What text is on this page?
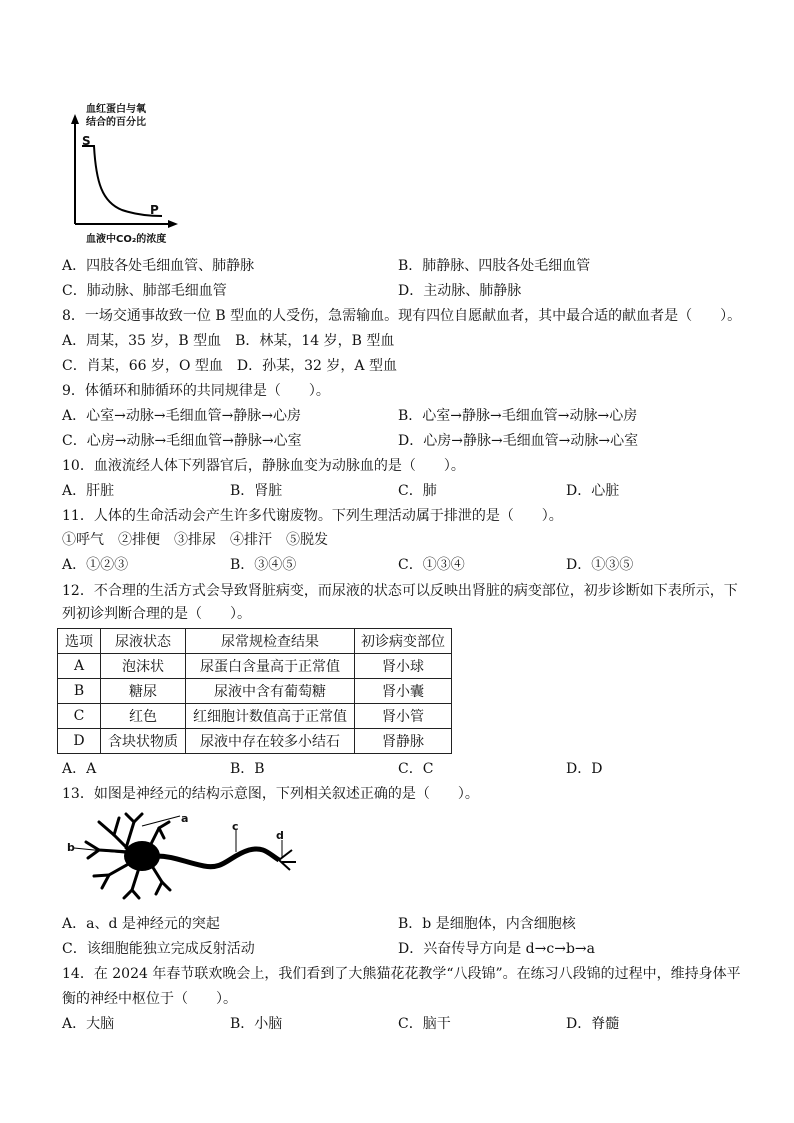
血红蛋白与氧
结合的百分比
S
P
血液中CO₂的浓度
A．四肢各处毛细血管、肺静脉	B．肺静脉、四肢各处毛细血管
C．肺动脉、肺部毛细血管	D．主动脉、肺静脉
8．一场交通事故致一位 B 型血的人受伤，急需输血。现有四位自愿献血者，其中最合适的献血者是（　　）。
A．周某，35 岁，B 型血　B．林某，14 岁，B 型血
C．肖某，66 岁，O 型血　D．孙某，32 岁，A 型血
9．体循环和肺循环的共同规律是（　　）。
A．心室→动脉→毛细血管→静脉→心房	B．心室→静脉→毛细血管→动脉→心房
C．心房→动脉→毛细血管→静脉→心室	D．心房→静脉→毛细血管→动脉→心室
10．血液流经人体下列器官后，静脉血变为动脉血的是（　　）。
A．肝脏	B．肾脏	C．肺	D．心脏
11．人体的生命活动会产生许多代谢废物。下列生理活动属于排泄的是（　　）。
①呼气　②排便　③排尿　④排汗　⑤脱发
A．①②③	B．③④⑤	C．①③④	D．①③⑤
12．不合理的生活方式会导致肾脏病变，而尿液的状态可以反映出肾脏的病变部位，初步诊断如下表所示，下
列初诊判断合理的是（　　）。
选项	尿液状态	尿常规检查结果	初诊病变部位
A	泡沫状	尿蛋白含量高于正常值	肾小球
B	糖尿	尿液中含有葡萄糖	肾小囊
C	红色	红细胞计数值高于正常值	肾小管
D	含块状物质	尿液中存在较多小结石	肾静脉
A．A	B．B	C．C	D．D
13．如图是神经元的结构示意图，下列相关叙述正确的是（　　）。
a
b
c
d
A．a、d 是神经元的突起	B．b 是细胞体，内含细胞核
C．该细胞能独立完成反射活动	D．兴奋传导方向是 d→c→b→a
14．在 2024 年春节联欢晚会上，我们看到了大熊猫花花教学“八段锦”。在练习八段锦的过程中，维持身体平
衡的神经中枢位于（　　）。
A．大脑	B．小脑	C．脑干	D．脊髓
